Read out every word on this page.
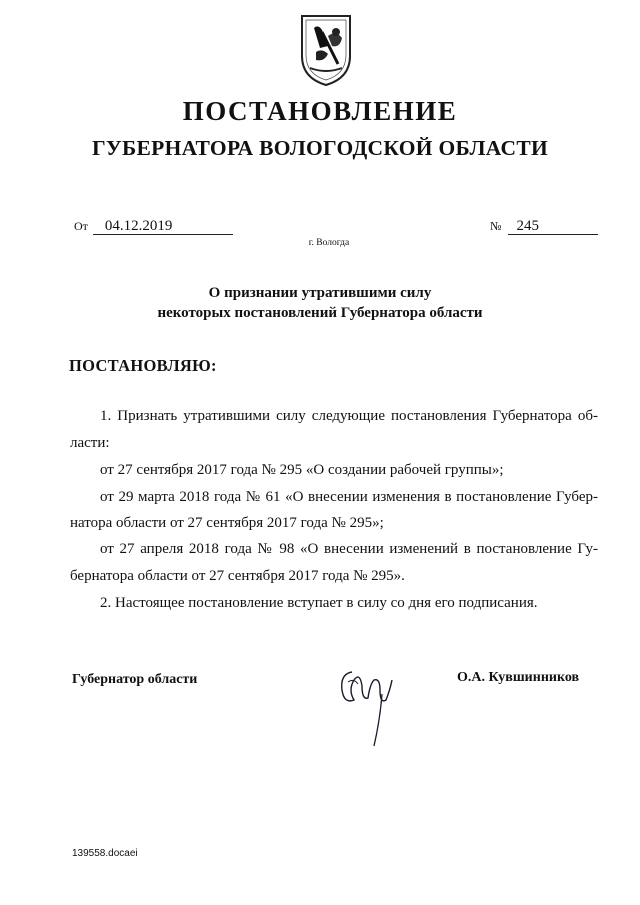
ПОСТАНОВЛЕНИЕ
ГУБЕРНАТОРА ВОЛОГОДСКОЙ ОБЛАСТИ
От 04.12.2019	№ 245
г. Вологда
О признании утратившими силу
некоторых постановлений Губернатора области
ПОСТАНОВЛЯЮ:
1. Признать утратившими силу следующие постановления Губернатора об-
ласти:
от 27 сентября 2017 года № 295 «О создании рабочей группы»;
от 29 марта 2018 года № 61 «О внесении изменения в постановление Губер-
натора области от 27 сентября 2017 года № 295»;
от 27 апреля 2018 года № 98 «О внесении изменений в постановление Гу-
бернатора области от 27 сентября 2017 года № 295».
2. Настоящее постановление вступает в силу со дня его подписания.
Губернатор области	О.А. Кувшинников
139558.docaei
